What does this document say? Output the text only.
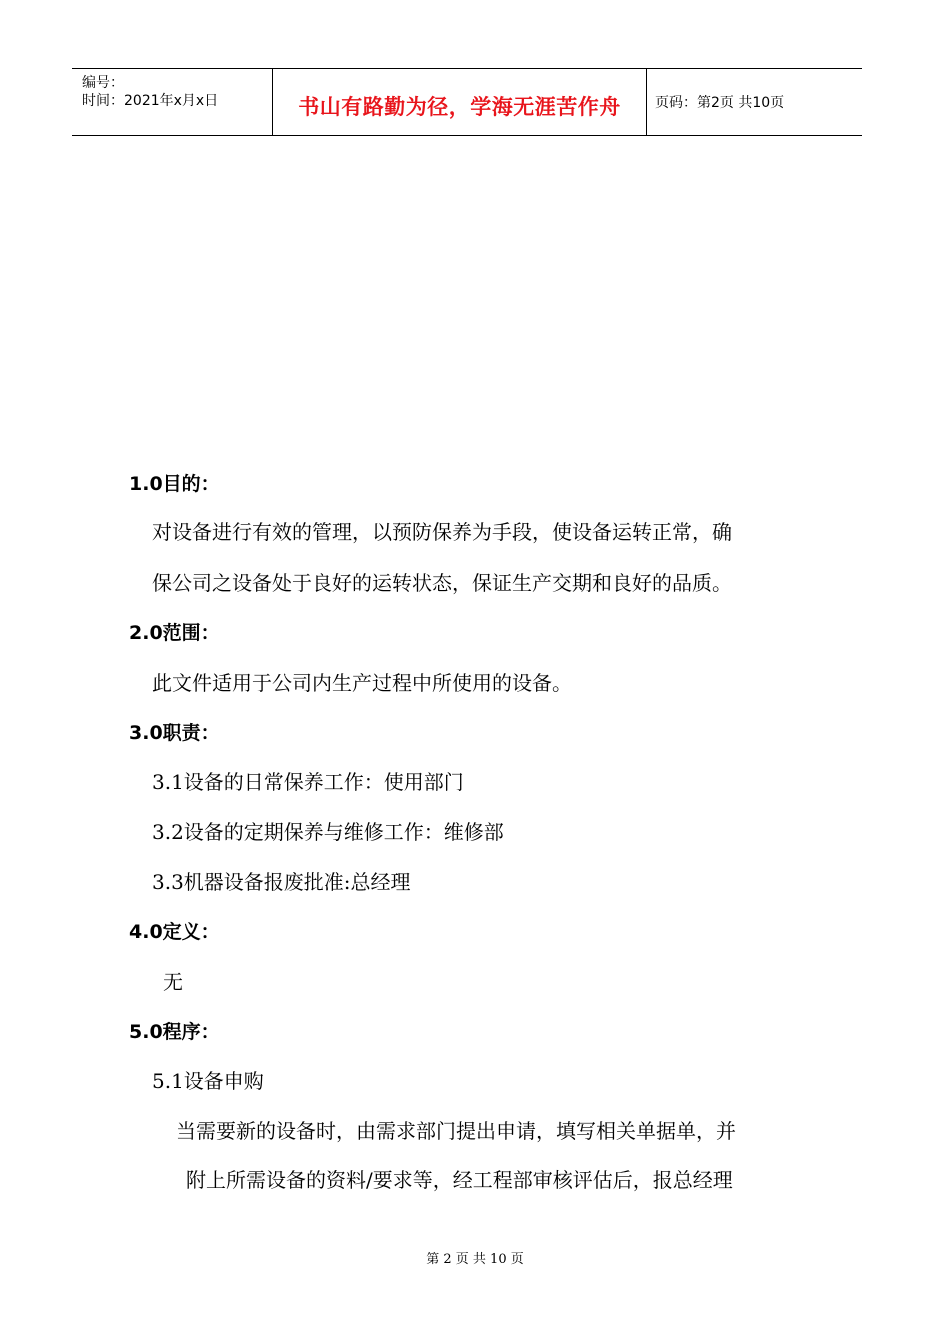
编号：
时间：2021年x月x日	书山有路勤为径，学海无涯苦作舟	页码：第2页 共10页
1.0目的：
对设备进行有效的管理，以预防保养为手段，使设备运转正常，确
保公司之设备处于良好的运转状态，保证生产交期和良好的品质。
2.0范围：
此文件适用于公司内生产过程中所使用的设备。
3.0职责：
3.1设备的日常保养工作：使用部门
3.2设备的定期保养与维修工作：维修部
3.3机器设备报废批准:总经理
4.0定义：
无
5.0程序：
5.1设备申购
当需要新的设备时，由需求部门提出申请，填写相关单据单，并
附上所需设备的资料/要求等，经工程部审核评估后，报总经理
第 2 页 共 10 页
